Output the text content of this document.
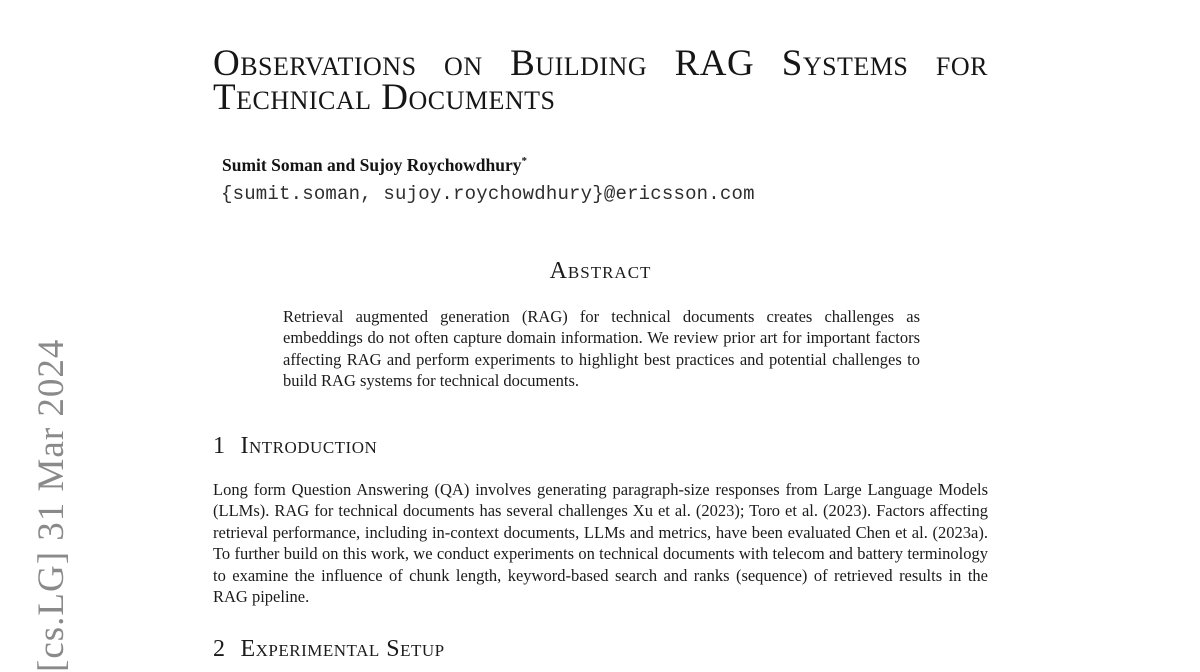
[cs.LG] 31 Mar 2024
Observations on Building RAG Systems for
Technical Documents
Sumit Soman and Sujoy Roychowdhury*
{sumit.soman, sujoy.roychowdhury}@ericsson.com
Abstract

Retrieval augmented generation (RAG) for technical documents creates challenges as embeddings do not often capture domain information. We review prior art for important factors affecting RAG and perform experiments to highlight best practices and potential challenges to build RAG systems for technical documents.

1 Introduction

Long form Question Answering (QA) involves generating paragraph-size responses from Large Language Models (LLMs). RAG for technical documents has several challenges Xu et al. (2023); Toro et al. (2023). Factors affecting retrieval performance, including in-context documents, LLMs and metrics, have been evaluated Chen et al. (2023a). To further build on this work, we conduct experiments on technical documents with telecom and battery terminology to examine the influence of chunk length, keyword-based search and ranks (sequence) of retrieved results in the RAG pipeline.

2 Experimental Setup
